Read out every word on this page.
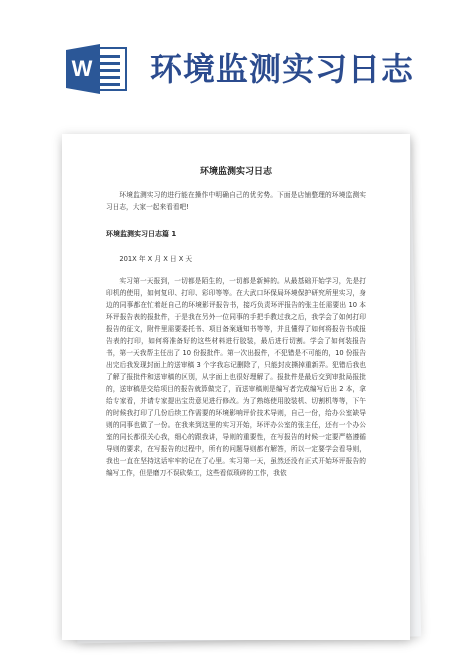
W 环境监测实习日志

环境监测实习日志

环境监测实习的进行能在操作中明确自己的优劣势。下面是店铺整理的环境监测实习日志，大家一起来看看吧!

环境监测实习日志篇 1

201X 年 X 月 X 日 X 天

实习第一天报到，一切都是陌生的，一切都是新鲜的。从最基础开始学习，先是打印机的使用，如何复印、打印、彩印等等。在大武口环保局环境保护研究所里实习，身边的同事都在忙着赶自己的环境影评报告书，接巧负责环评报告的张主任需要出 10 本环评报告表的报批件，于是我在另外一位同事的手把手教过我之后，我学会了如何打印报告的征文，附件里需要委托书、项目备案通知书等等，并且懂得了如何将报告书或报告表的打印，如何将准备好的这些材料进行胶装，最后进行切割。学会了如何装报告书，第一天我帮主任出了 10 份报批件。第一次出报件，不犯错是不可能的，10 份报告出完后我发现封面上的送审稿 3 个字我忘记删除了，只能封皮撕掉重新弄。犯错后我也了解了报批件和送审稿的区别，从字面上也很好理解了。报批件是最后交到审批局报批的，送审稿是交给项目的报告就算做完了，而送审稿则是编写者完成编写后出 2 本，拿给专家看，并请专家提出宝贵意见进行修改。为了熟练使用胶装机、切割机等等，下午的时候我打印了几份后续工作需要的环境影响评价技术导则，自己一份，给办公室缺导则的同事也做了一份。在我来到这里的实习开始，环评办公室的张主任，还有一个办公室的同长都很关心我，细心的跟我讲，导则的重要性，在写报告的时候一定要严格遵循导则的要求，在写报告的过程中，所有的问题导则都有解答，所以一定要学会看导则，我也一直在坚持这话牢牢的记在了心里。实习第一天，虽然还没有正式开始环评报告的编写工作，但是磨刀不误砍柴工，这些看似琐碎的工作，我依
